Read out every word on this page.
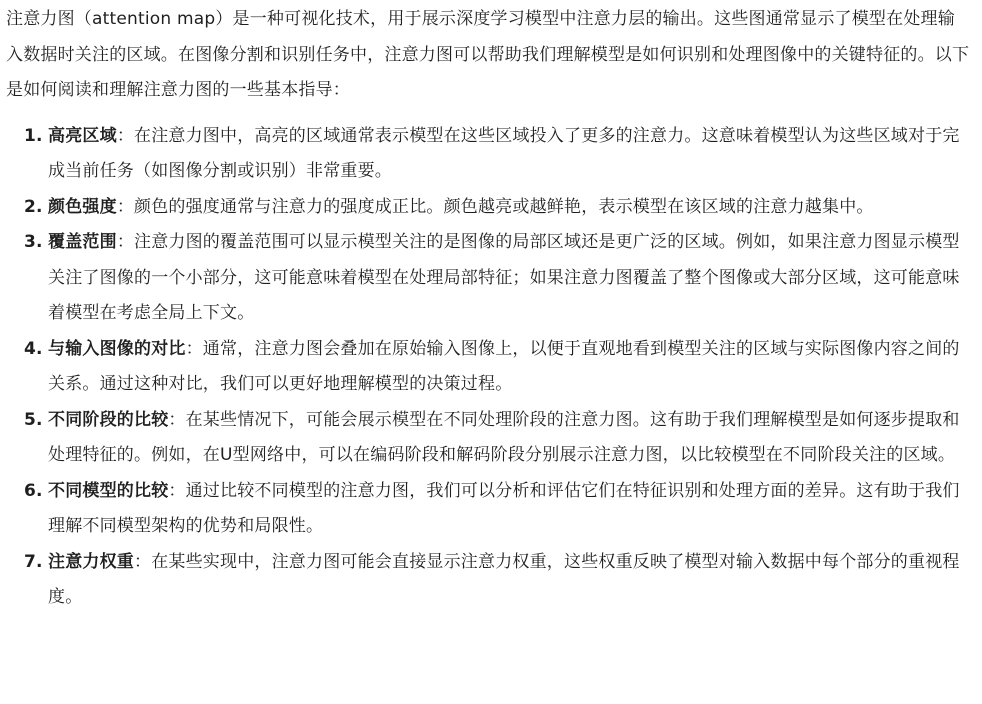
注意力图（attention map）是一种可视化技术，用于展示深度学习模型中注意力层的输出。这些图通常显示了模型在处理输入数据时关注的区域。在图像分割和识别任务中，注意力图可以帮助我们理解模型是如何识别和处理图像中的关键特征的。以下是如何阅读和理解注意力图的一些基本指导：

1. 高亮区域：在注意力图中，高亮的区域通常表示模型在这些区域投入了更多的注意力。这意味着模型认为这些区域对于完成当前任务（如图像分割或识别）非常重要。
2. 颜色强度：颜色的强度通常与注意力的强度成正比。颜色越亮或越鲜艳，表示模型在该区域的注意力越集中。
3. 覆盖范围：注意力图的覆盖范围可以显示模型关注的是图像的局部区域还是更广泛的区域。例如，如果注意力图显示模型关注了图像的一个小部分，这可能意味着模型在处理局部特征；如果注意力图覆盖了整个图像或大部分区域，这可能意味着模型在考虑全局上下文。
4. 与输入图像的对比：通常，注意力图会叠加在原始输入图像上，以便于直观地看到模型关注的区域与实际图像内容之间的关系。通过这种对比，我们可以更好地理解模型的决策过程。
5. 不同阶段的比较：在某些情况下，可能会展示模型在不同处理阶段的注意力图。这有助于我们理解模型是如何逐步提取和处理特征的。例如，在U型网络中，可以在编码阶段和解码阶段分别展示注意力图，以比较模型在不同阶段关注的区域。
6. 不同模型的比较：通过比较不同模型的注意力图，我们可以分析和评估它们在特征识别和处理方面的差异。这有助于我们理解不同模型架构的优势和局限性。
7. 注意力权重：在某些实现中，注意力图可能会直接显示注意力权重，这些权重反映了模型对输入数据中每个部分的重视程度。
